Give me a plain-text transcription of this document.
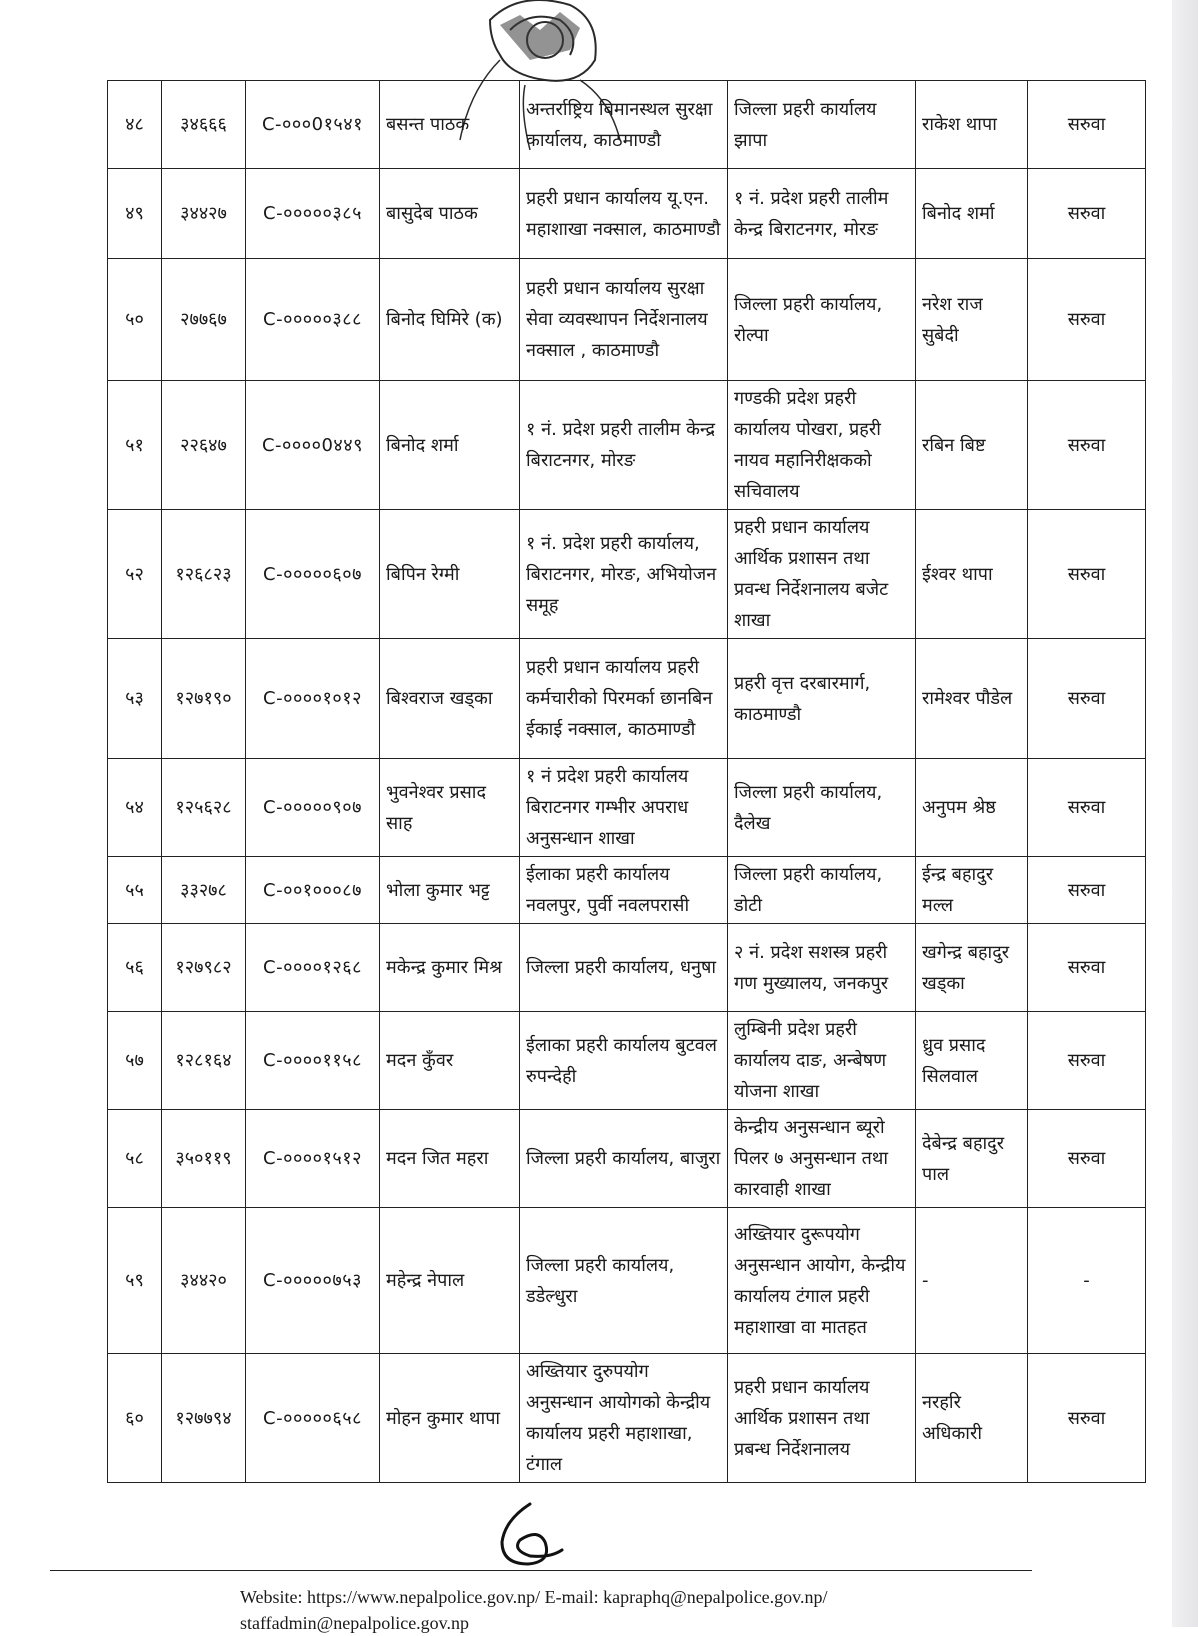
४८	३४६६६	C-०००0१५४१	बसन्त पाठक	अन्तर्राष्ट्रिय बिमानस्थल सुरक्षा कार्यालय, काठमाण्डौ	जिल्ला प्रहरी कार्यालय झापा	राकेश थापा	सरुवा
४९	३४४२७	C-०००००३८५	बासुदेब पाठक	प्रहरी प्रधान कार्यालय यू.एन. महाशाखा नक्साल, काठमाण्डौ	१ नं. प्रदेश प्रहरी तालीम केन्द्र बिराटनगर, मोरङ	बिनोद शर्मा	सरुवा
५०	२७७६७	C-०००००३८८	बिनोद घिमिरे (क)	प्रहरी प्रधान कार्यालय सुरक्षा सेवा व्यवस्थापन निर्देशनालय नक्साल , काठमाण्डौ	जिल्ला प्रहरी कार्यालय, रोल्पा	नरेश राज सुबेदी	सरुवा
५१	२२६४७	C-००००0४४९	बिनोद शर्मा	१ नं. प्रदेश प्रहरी तालीम केन्द्र बिराटनगर, मोरङ	गण्डकी प्रदेश प्रहरी कार्यालय पोखरा, प्रहरी नायव महानिरीक्षकको सचिवालय	रबिन बिष्ट	सरुवा
५२	१२६८२३	C-०००००६०७	बिपिन रेग्मी	१ नं. प्रदेश प्रहरी कार्यालय, बिराटनगर, मोरङ, अभियोजन समूह	प्रहरी प्रधान कार्यालय आर्थिक प्रशासन तथा प्रवन्ध निर्देशनालय बजेट शाखा	ईश्वर थापा	सरुवा
५३	१२७१९०	C-००००१०१२	बिश्वराज खड्का	प्रहरी प्रधान कार्यालय प्रहरी कर्मचारीको पिरमर्का छानबिन ईकाई नक्साल, काठमाण्डौ	प्रहरी वृत्त दरबारमार्ग, काठमाण्डौ	रामेश्वर पौडेल	सरुवा
५४	१२५६२८	C-०००००९०७	भुवनेश्वर प्रसाद साह	१ नं प्रदेश प्रहरी कार्यालय बिराटनगर गम्भीर अपराध अनुसन्धान शाखा	जिल्ला प्रहरी कार्यालय, दैलेख	अनुपम श्रेष्ठ	सरुवा
५५	३३२७८	C-००१०००८७	भोला कुमार भट्ट	ईलाका प्रहरी कार्यालय नवलपुर, पुर्वी नवलपरासी	जिल्ला प्रहरी कार्यालय, डोटी	ईन्द्र बहादुर मल्ल	सरुवा
५६	१२७९८२	C-००००१२६८	मकेन्द्र कुमार मिश्र	जिल्ला प्रहरी कार्यालय, धनुषा	२ नं. प्रदेश सशस्त्र प्रहरी गण मुख्यालय, जनकपुर	खगेन्द्र बहादुर खड्का	सरुवा
५७	१२८१६४	C-००००११५८	मदन कुँवर	ईलाका प्रहरी कार्यालय बुटवल रुपन्देही	लुम्बिनी प्रदेश प्रहरी कार्यालय दाङ, अन्बेषण योजना शाखा	ध्रुव प्रसाद सिलवाल	सरुवा
५८	३५०११९	C-००००१५१२	मदन जित महरा	जिल्ला प्रहरी कार्यालय, बाजुरा	केन्द्रीय अनुसन्धान ब्यूरो पिलर ७ अनुसन्धान तथा कारवाही शाखा	देबेन्द्र बहादुर पाल	सरुवा
५९	३४४२०	C-०००००७५३	महेन्द्र नेपाल	जिल्ला प्रहरी कार्यालय, डडेल्धुरा	अख्तियार दुरूपयोग अनुसन्धान आयोग, केन्द्रीय कार्यालय टंगाल प्रहरी महाशाखा वा मातहत	-	-
६०	१२७७९४	C-०००००६५८	मोहन कुमार थापा	अख्तियार दुरुपयोग अनुसन्धान आयोगको केन्द्रीय कार्यालय प्रहरी महाशाखा, टंगाल	प्रहरी प्रधान कार्यालय आर्थिक प्रशासन तथा प्रबन्ध निर्देशनालय	नरहरि अधिकारी	सरुवा
Website: https://www.nepalpolice.gov.np/ E-mail: kapraphq@nepalpolice.gov.np/
staffadmin@nepalpolice.gov.np
